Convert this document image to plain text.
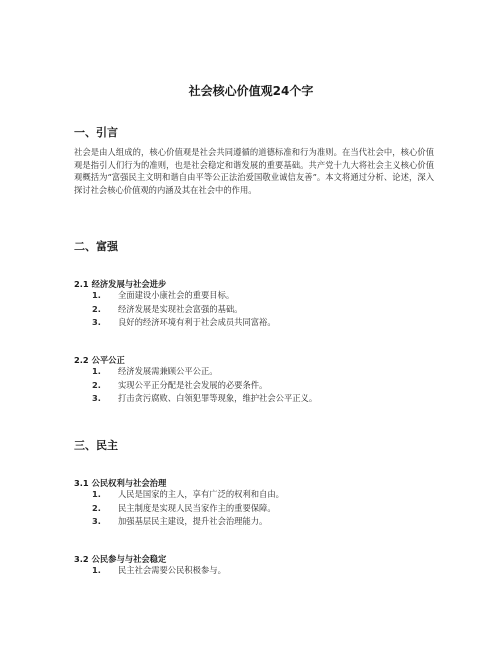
社会核心价值观24个字
一、引言
社会是由人组成的，核心价值观是社会共同遵循的道德标准和行为准则。在当代社会中，核心价值观是指引人们行为的准则，也是社会稳定和谐发展的重要基础。共产党十九大将社会主义核心价值观概括为“富强民主文明和谐自由平等公正法治爱国敬业诚信友善”。本文将通过分析、论述，深入探讨社会核心价值观的内涵及其在社会中的作用。
二、富强
2.1 经济发展与社会进步
1. 全面建设小康社会的重要目标。
2. 经济发展是实现社会富强的基础。
3. 良好的经济环境有利于社会成员共同富裕。
2.2 公平公正
1. 经济发展需兼顾公平公正。
2. 实现公平正分配是社会发展的必要条件。
3. 打击贪污腐败、白领犯罪等现象，维护社会公平正义。
三、民主
3.1 公民权利与社会治理
1. 人民是国家的主人，享有广泛的权利和自由。
2. 民主制度是实现人民当家作主的重要保障。
3. 加强基层民主建设，提升社会治理能力。
3.2 公民参与与社会稳定
1. 民主社会需要公民积极参与。
